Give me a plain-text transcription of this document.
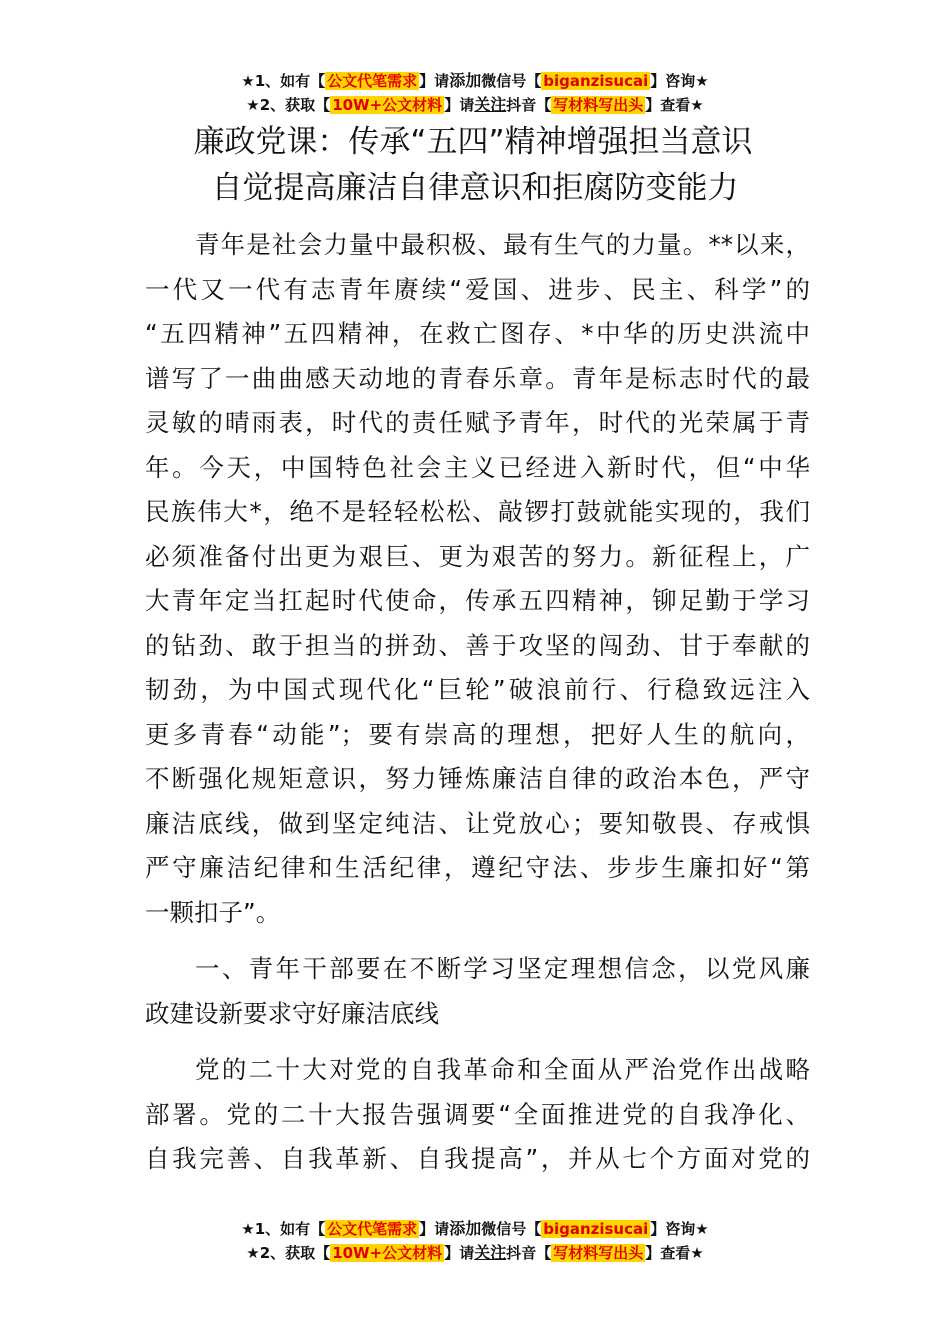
★1、如有【 公文代笔需求 】请添加微信号【 biganzisucai 】咨询★
★2、获取【 10W+公文材料 】请关注抖音【 写材料写出头 】查看★
廉政党课：传承“五四”精神增强担当意识
自觉提高廉洁自律意识和拒腐防变能力
青年是社会力量中最积极、最有生气的力量。**以来，
一代又一代有志青年赓续“爱国、进步、民主、科学”的
“五四精神”五四精神，在救亡图存、*中华的历史洪流中
谱写了一曲曲感天动地的青春乐章。青年是标志时代的最
灵敏的晴雨表，时代的责任赋予青年，时代的光荣属于青
年。今天，中国特色社会主义已经进入新时代，但“中华
民族伟大*，绝不是轻轻松松、敲锣打鼓就能实现的，我们
必须准备付出更为艰巨、更为艰苦的努力。新征程上，广
大青年定当扛起时代使命，传承五四精神，铆足勤于学习
的钻劲、敢于担当的拼劲、善于攻坚的闯劲、甘于奉献的
韧劲，为中国式现代化“巨轮”破浪前行、行稳致远注入
更多青春“动能”；要有崇高的理想，把好人生的航向，
不断强化规矩意识，努力锤炼廉洁自律的政治本色，严守
廉洁底线，做到坚定纯洁、让党放心；要知敬畏、存戒惧
严守廉洁纪律和生活纪律，遵纪守法、步步生廉扣好“第
一颗扣子”。
一、青年干部要在不断学习坚定理想信念，以党风廉
政建设新要求守好廉洁底线
党的二十大对党的自我革命和全面从严治党作出战略
部署。党的二十大报告强调要“全面推进党的自我净化、
自我完善、自我革新、自我提高”，并从七个方面对党的
★1、如有【 公文代笔需求 】请添加微信号【 biganzisucai 】咨询★
★2、获取【 10W+公文材料 】请关注抖音【 写材料写出头 】查看★
